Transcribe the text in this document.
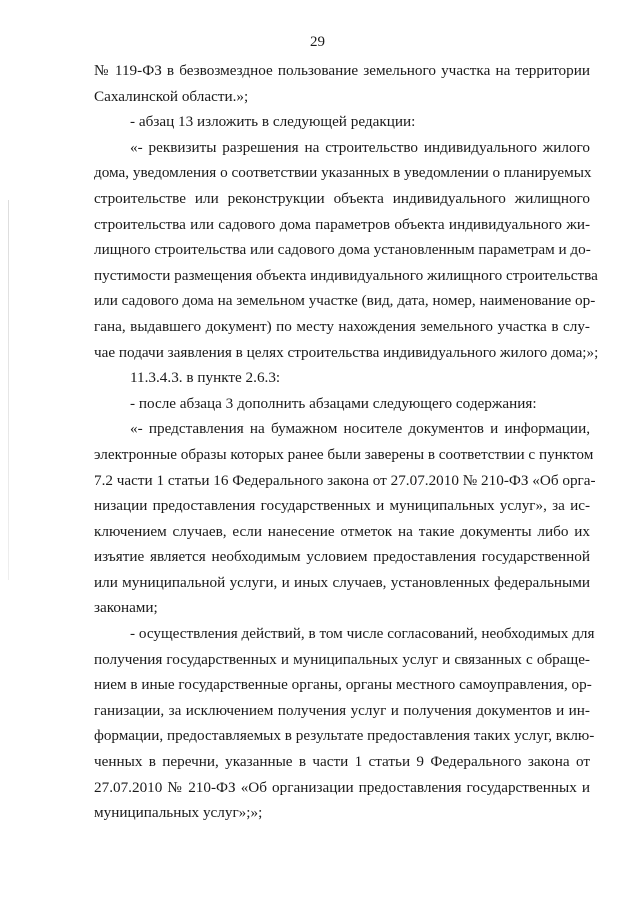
29
№ 119-ФЗ в безвозмездное пользование земельного участка на территории
Сахалинской области.»;
- абзац 13 изложить в следующей редакции:
«- реквизиты разрешения на строительство индивидуального жилого
дома, уведомления о соответствии указанных в уведомлении о планируемых
строительстве или реконструкции объекта индивидуального жилищного
строительства или садового дома параметров объекта индивидуального жи-
лищного строительства или садового дома установленным параметрам и до-
пустимости размещения объекта индивидуального жилищного строительства
или садового дома на земельном участке (вид, дата, номер, наименование ор-
гана, выдавшего документ) по месту нахождения земельного участка в слу-
чае подачи заявления в целях строительства индивидуального жилого дома;»;
11.3.4.3. в пункте 2.6.3:
- после абзаца 3 дополнить абзацами следующего содержания:
«- представления на бумажном носителе документов и информации,
электронные образы которых ранее были заверены в соответствии с пунктом
7.2 части 1 статьи 16 Федерального закона от 27.07.2010 № 210-ФЗ «Об орга-
низации предоставления государственных и муниципальных услуг», за ис-
ключением случаев, если нанесение отметок на такие документы либо их
изъятие является необходимым условием предоставления государственной
или муниципальной услуги, и иных случаев, установленных федеральными
законами;
- осуществления действий, в том числе согласований, необходимых для
получения государственных и муниципальных услуг и связанных с обраще-
нием в иные государственные органы, органы местного самоуправления, ор-
ганизации, за исключением получения услуг и получения документов и ин-
формации, предоставляемых в результате предоставления таких услуг, вклю-
ченных в перечни, указанные в части 1 статьи 9 Федерального закона от
27.07.2010 № 210-ФЗ «Об организации предоставления государственных и
муниципальных услуг»;»;
